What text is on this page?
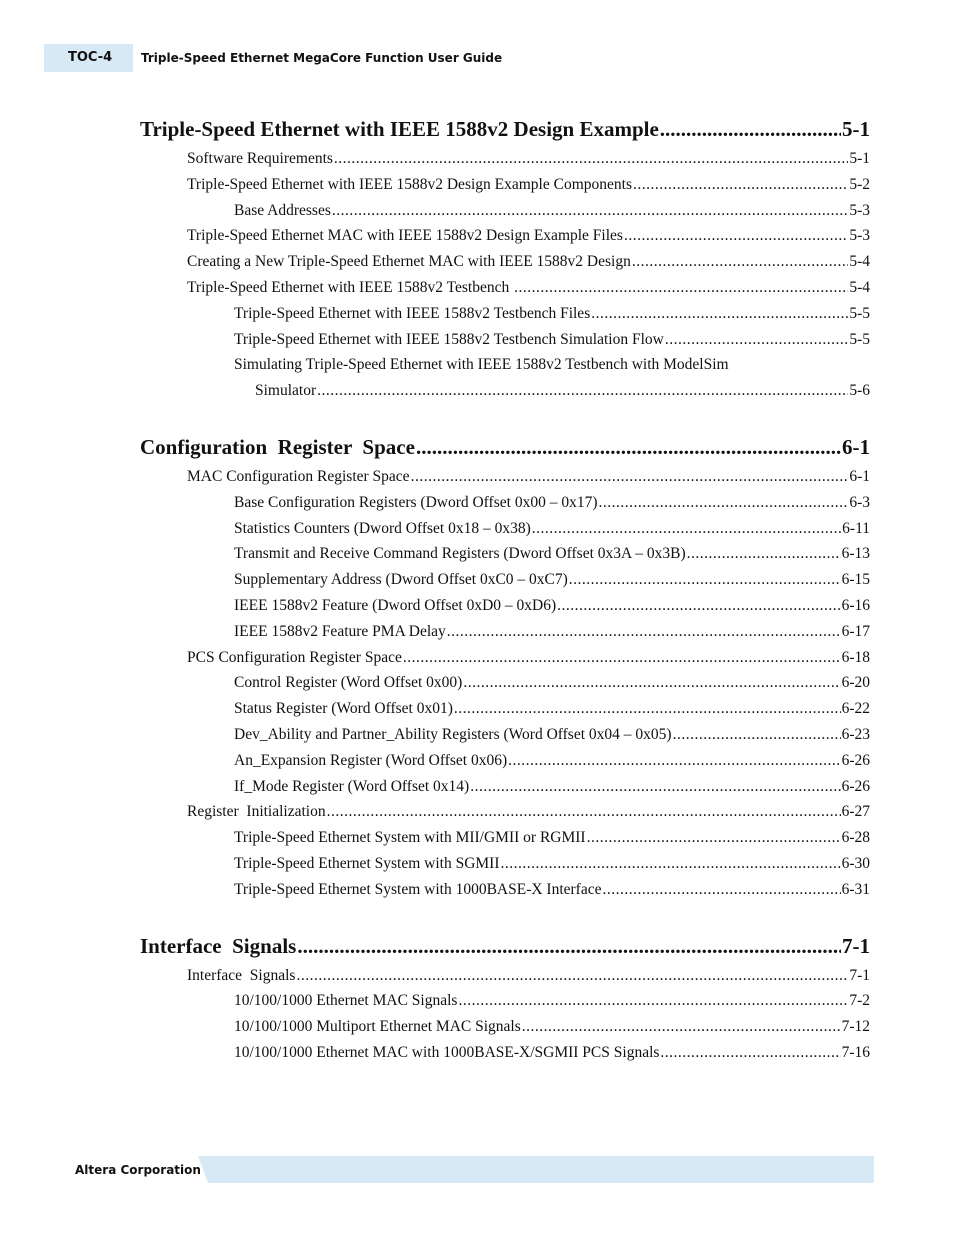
TOC-4	Triple-Speed Ethernet MegaCore Function User Guide
Triple-Speed Ethernet with IEEE 1588v2 Design Example .....	5-1
Software Requirements .....	5-1
Triple-Speed Ethernet with IEEE 1588v2 Design Example Components .....	5-2
Base Addresses .....	5-3
Triple-Speed Ethernet MAC with IEEE 1588v2 Design Example Files .....	5-3
Creating a New Triple-Speed Ethernet MAC with IEEE 1588v2 Design .....	5-4
Triple-Speed Ethernet with IEEE 1588v2 Testbench .....	5-4
Triple-Speed Ethernet with IEEE 1588v2 Testbench Files .....	5-5
Triple-Speed Ethernet with IEEE 1588v2 Testbench Simulation Flow .....	5-5
Simulating Triple-Speed Ethernet with IEEE 1588v2 Testbench with ModelSim
Simulator .....	5-6
Configuration  Register  Space .....	6-1
MAC Configuration Register Space .....	6-1
Base Configuration Registers (Dword Offset 0x00 – 0x17) .....	6-3
Statistics Counters (Dword Offset 0x18 – 0x38) .....	6-11
Transmit and Receive Command Registers (Dword Offset 0x3A – 0x3B) .....	6-13
Supplementary Address (Dword Offset 0xC0 – 0xC7) .....	6-15
IEEE 1588v2 Feature (Dword Offset 0xD0 – 0xD6) .....	6-16
IEEE 1588v2 Feature PMA Delay .....	6-17
PCS Configuration Register Space .....	6-18
Control Register (Word Offset 0x00) .....	6-20
Status Register (Word Offset 0x01) .....	6-22
Dev_Ability and Partner_Ability Registers (Word Offset 0x04 – 0x05) .....	6-23
An_Expansion Register (Word Offset 0x06) .....	6-26
If_Mode Register (Word Offset 0x14) .....	6-26
Register  Initialization .....	6-27
Triple-Speed Ethernet System with MII/GMII or RGMII .....	6-28
Triple-Speed Ethernet System with SGMII .....	6-30
Triple-Speed Ethernet System with 1000BASE-X Interface .....	6-31
Interface  Signals .....	7-1
Interface  Signals .....	7-1
10/100/1000 Ethernet MAC Signals .....	7-2
10/100/1000 Multiport Ethernet MAC Signals .....	7-12
10/100/1000 Ethernet MAC with 1000BASE-X/SGMII PCS Signals .....	7-16
Altera Corporation
